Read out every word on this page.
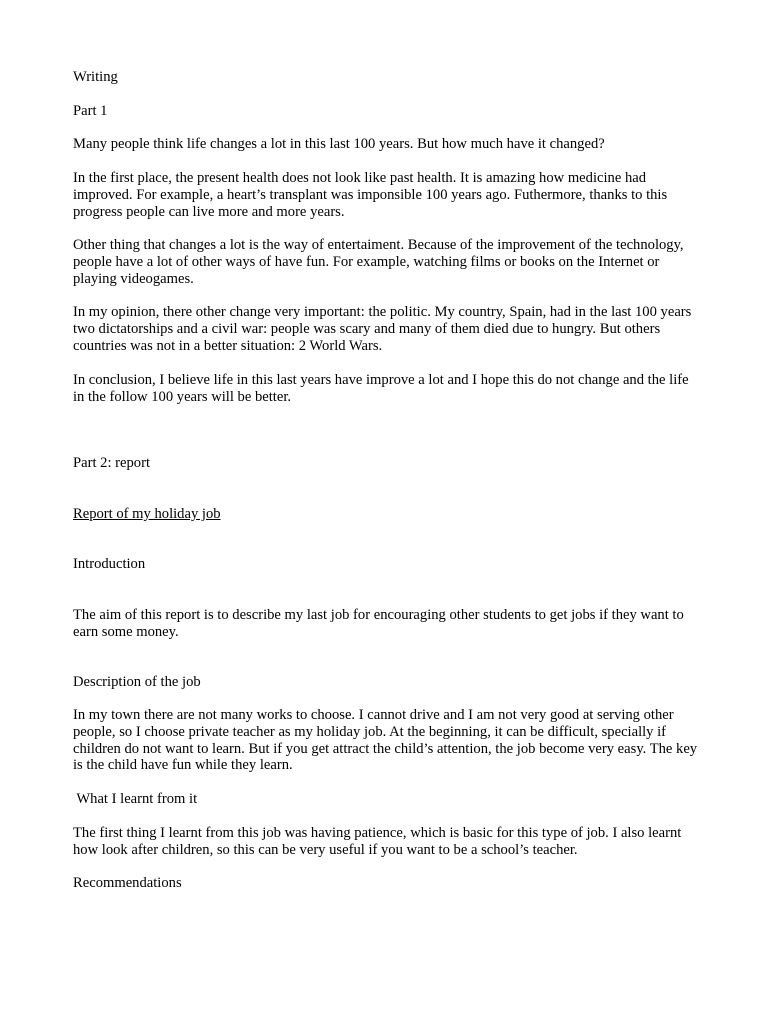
Writing

Part 1

Many people think life changes a lot in this last 100 years. But how much have it changed?

In the first place, the present health does not look like past health. It is amazing how medicine had improved. For example, a heart’s transplant was imponsible 100 years ago. Futhermore, thanks to this progress people can live more and more years.

Other thing that changes a lot is the way of entertaiment. Because of the improvement of the technology, people have a lot of other ways of have fun. For example, watching films or books on the Internet or playing videogames.

In my opinion, there other change very important: the politic. My country, Spain, had in the last 100 years two dictatorships and a civil war: people was scary and many of them died due to hungry. But others countries was not in a better situation: 2 World Wars.

In conclusion, I believe life in this last years have improve a lot and I hope this do not change and the life in the follow 100 years will be better.

Part 2: report

Report of my holiday job

Introduction

The aim of this report is to describe my last job for encouraging other students to get jobs if they want to earn some money.

Description of the job

In my town there are not many works to choose. I cannot drive and I am not very good at serving other people, so I choose private teacher as my holiday job. At the beginning, it can be difficult, specially if children do not want to learn. But if you get attract the child’s attention, the job become very easy. The key is the child have fun while they learn.

What I learnt from it

The first thing I learnt from this job was having patience, which is basic for this type of job. I also learnt how look after children, so this can be very useful if you want to be a school’s teacher.

Recommendations
